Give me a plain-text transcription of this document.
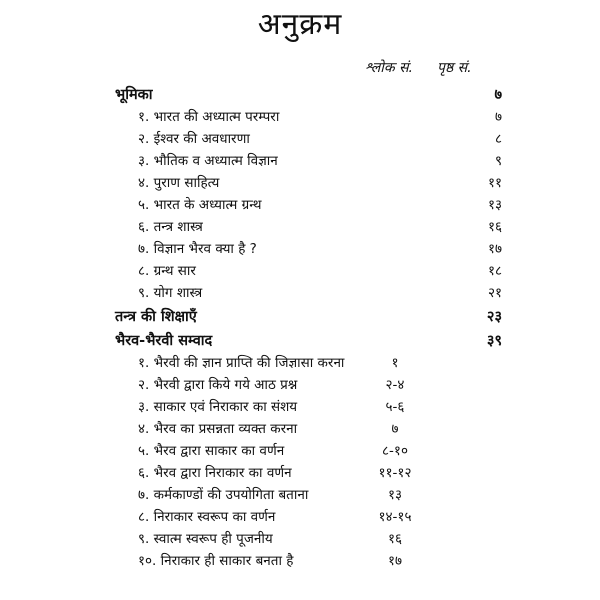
अनुक्रम
श्लोक सं. पृष्ठ सं.
भूमिका	७
१. भारत की अध्यात्म परम्परा	७
२. ईश्वर की अवधारणा	८
३. भौतिक व अध्यात्म विज्ञान	९
४. पुराण साहित्य	११
५. भारत के अध्यात्म ग्रन्थ	१३
६. तन्त्र शास्त्र	१६
७. विज्ञान भैरव क्या है ?	१७
८. ग्रन्थ सार	१८
९. योग शास्त्र	२१
तन्त्र की शिक्षाएँ	२३
भैरव-भैरवी सम्वाद	३९
१. भैरवी की ज्ञान प्राप्ति की जिज्ञासा करना	१
२. भैरवी द्वारा किये गये आठ प्रश्न	२-४
३. साकार एवं निराकार का संशय	५-६
४. भैरव का प्रसन्नता व्यक्त करना	७
५. भैरव द्वारा साकार का वर्णन	८-१०
६. भैरव द्वारा निराकार का वर्णन	११-१२
७. कर्मकाण्डों की उपयोगिता बताना	१३
८. निराकार स्वरूप का वर्णन	१४-१५
९. स्वात्म स्वरूप ही पूजनीय	१६
१०. निराकार ही साकार बनता है	१७
